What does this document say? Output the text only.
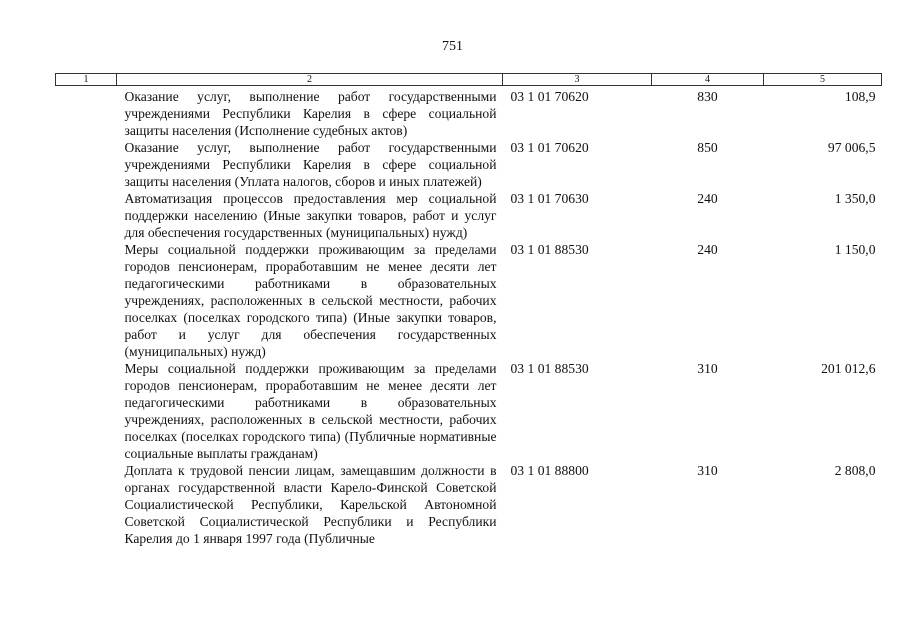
751
1	2	3	4	5
	Оказание услуг, выполнение работ государственными учреждениями Республики Карелия в сфере социальной защиты населения (Исполнение судебных актов)	03 1 01 70620	830	108,9
	Оказание услуг, выполнение работ государственными учреждениями Республики Карелия в сфере социальной защиты населения (Уплата налогов, сборов и иных платежей)	03 1 01 70620	850	97 006,5
	Автоматизация процессов предоставления мер социальной поддержки населению (Иные закупки товаров, работ и услуг для обеспечения государственных (муниципальных) нужд)	03 1 01 70630	240	1 350,0
	Меры социальной поддержки проживающим за пределами городов пенсионерам, проработавшим не менее десяти лет педагогическими работниками в образовательных учреждениях, расположенных в сельской местности, рабочих поселках (поселках городского типа) (Иные закупки товаров, работ и услуг для обеспечения государственных (муниципальных) нужд)	03 1 01 88530	240	1 150,0
	Меры социальной поддержки проживающим за пределами городов пенсионерам, проработавшим не менее десяти лет педагогическими работниками в образовательных учреждениях, расположенных в сельской местности, рабочих поселках (поселках городского типа) (Публичные нормативные социальные выплаты гражданам)	03 1 01 88530	310	201 012,6
	Доплата к трудовой пенсии лицам, замещавшим должности в органах государственной власти Карело-Финской Советской Социалистической Республики, Карельской Автономной Советской Социалистической Республики и Республики Карелия до 1 января 1997 года (Публичные	03 1 01 88800	310	2 808,0
